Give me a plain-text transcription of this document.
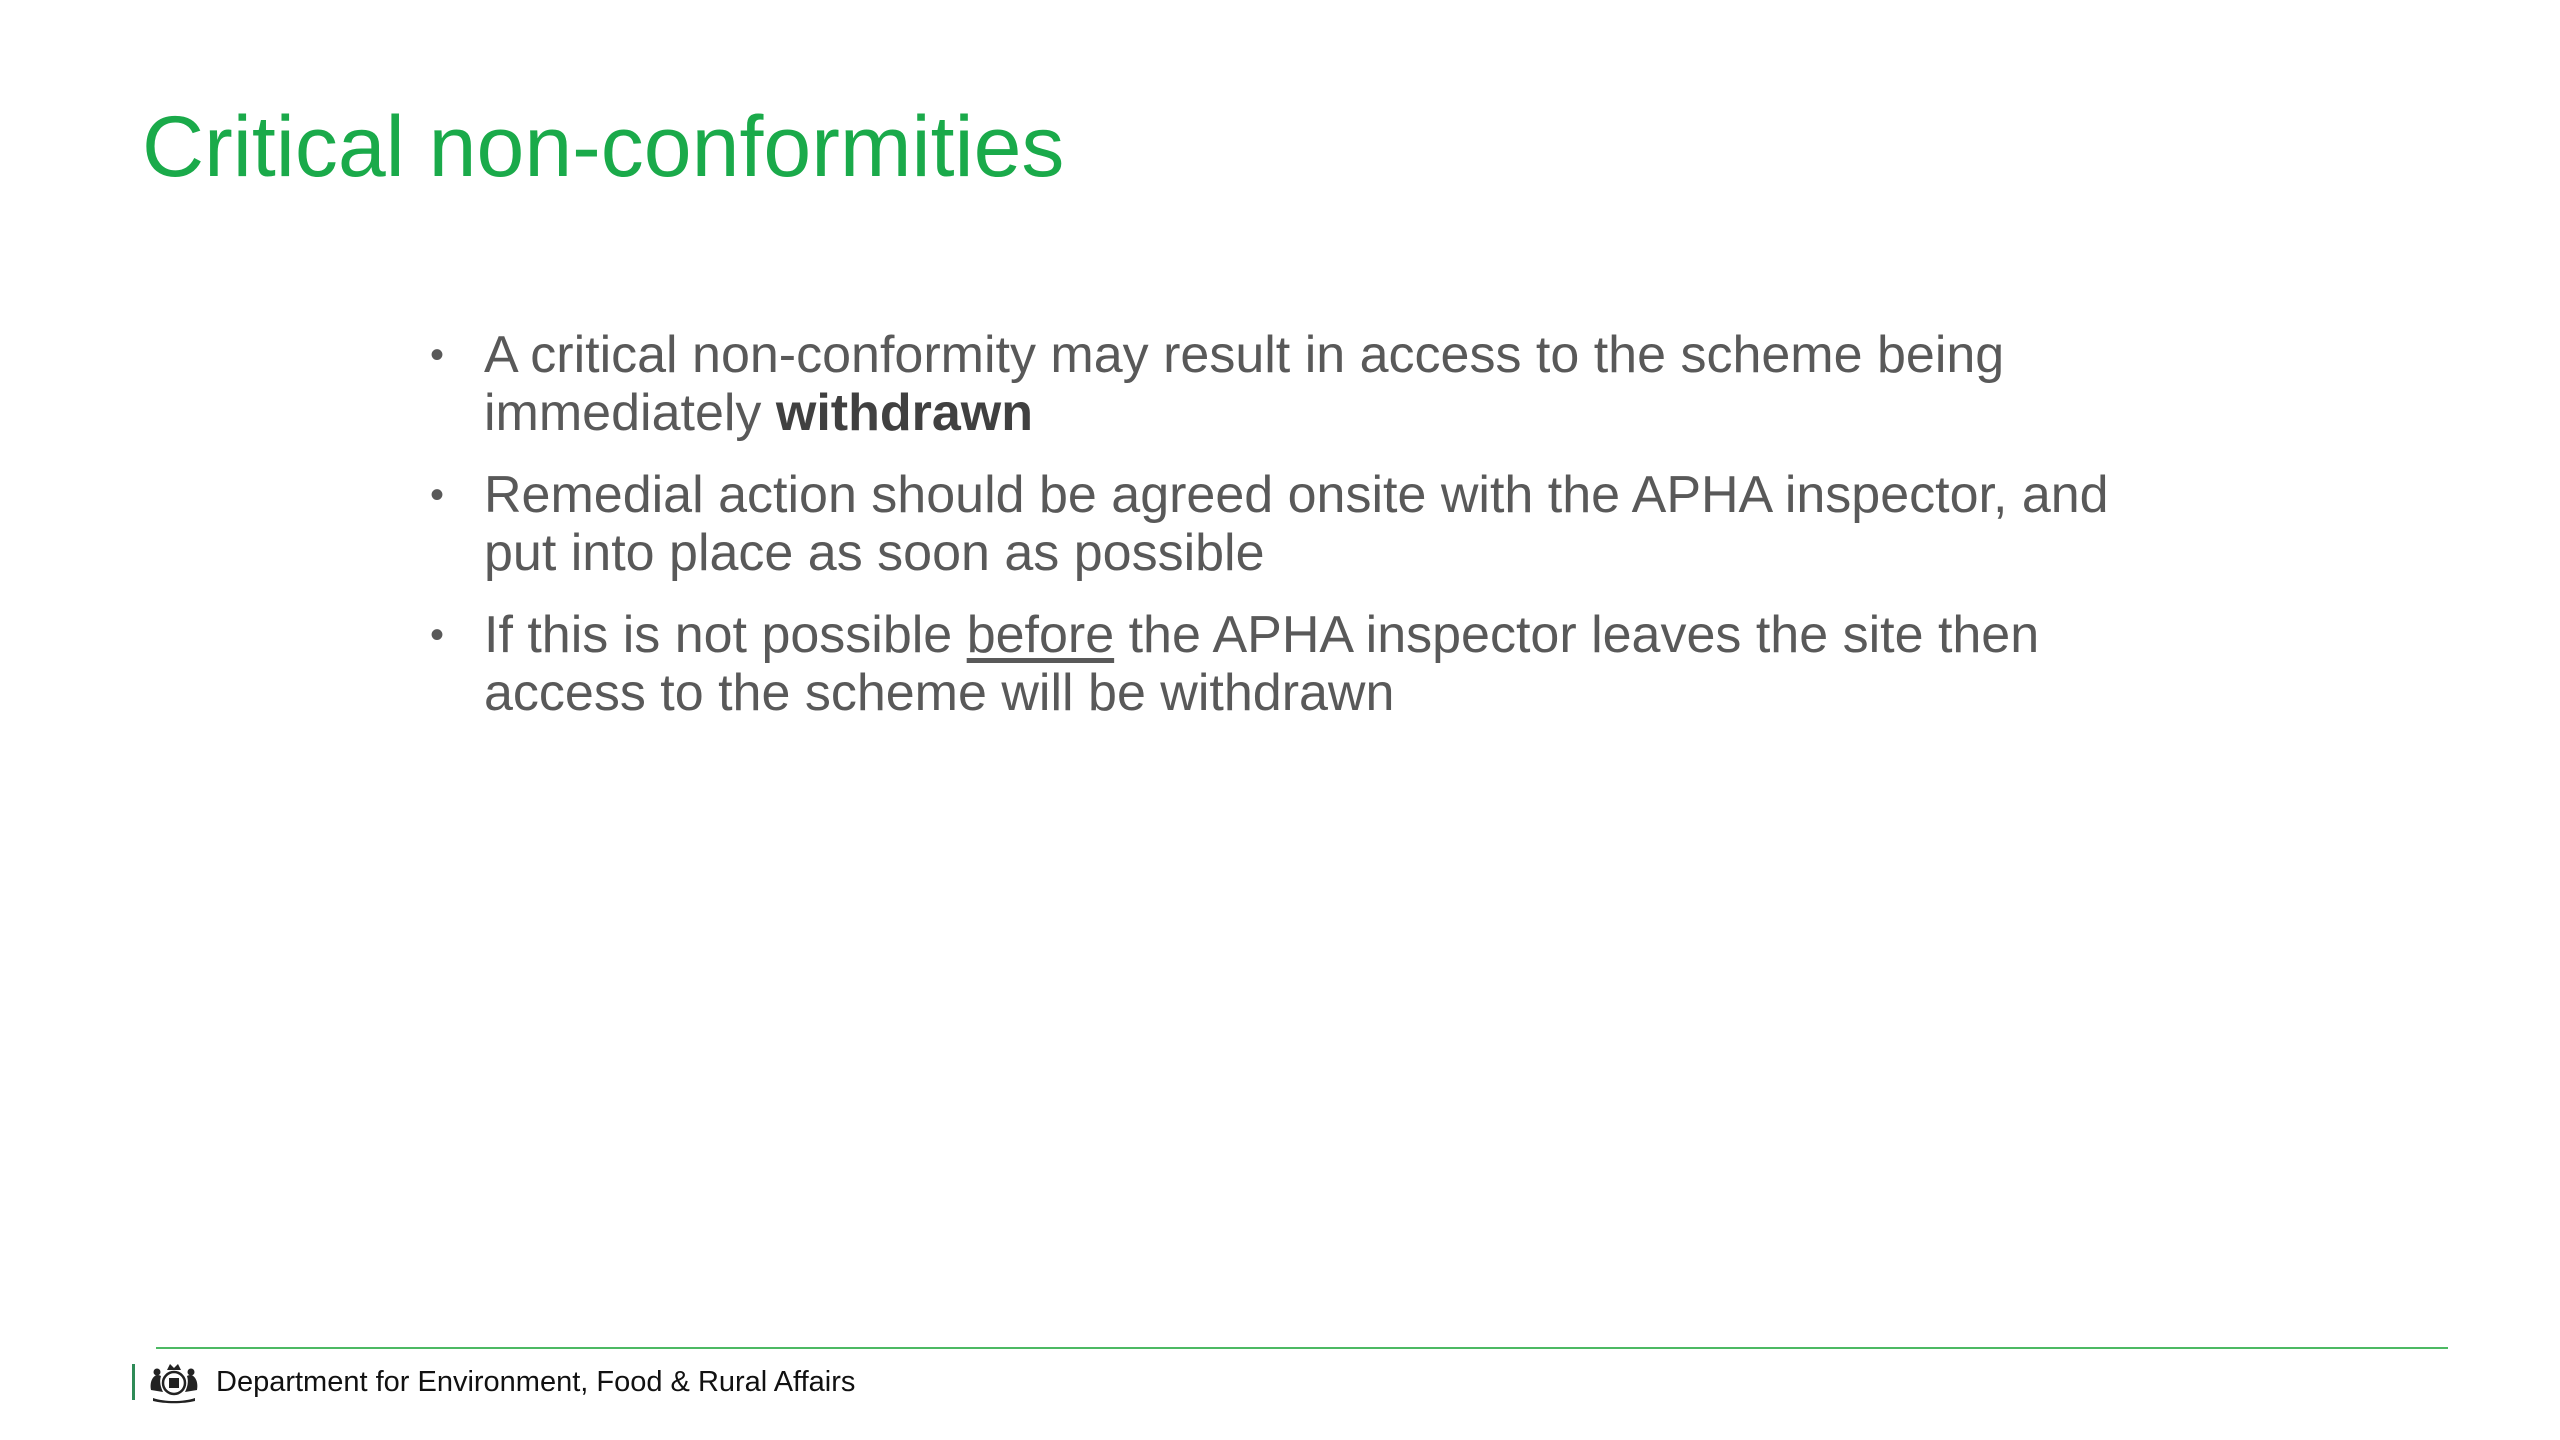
Critical non-conformities
• A critical non-conformity may result in access to the scheme being immediately withdrawn
• Remedial action should be agreed onsite with the APHA inspector, and put into place as soon as possible
• If this is not possible before the APHA inspector leaves the site then access to the scheme will be withdrawn
Department for Environment, Food & Rural Affairs
